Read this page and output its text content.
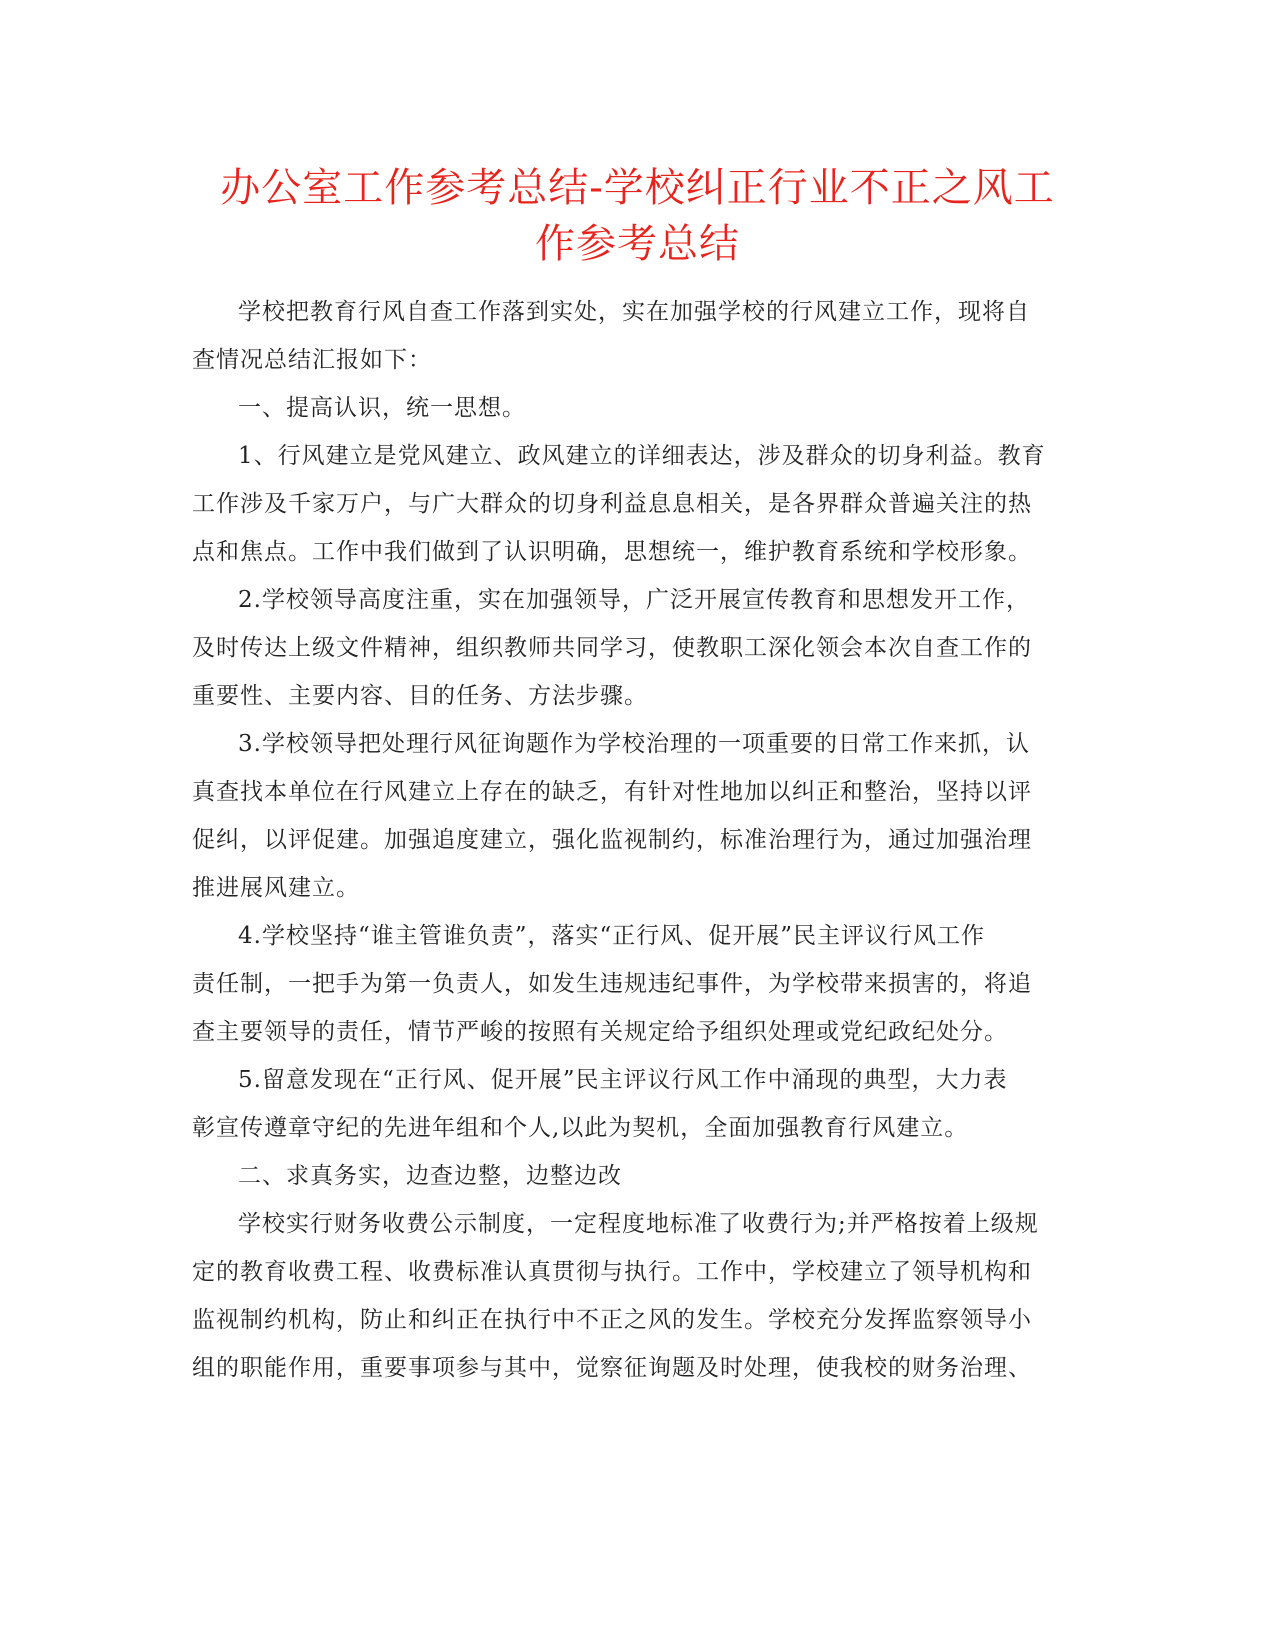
办公室工作参考总结-学校纠正行业不正之风工
作参考总结

学校把教育行风自查工作落到实处，实在加强学校的行风建立工作，现将自
查情况总结汇报如下：

一、提高认识，统一思想。

1、行风建立是党风建立、政风建立的详细表达，涉及群众的切身利益。教育
工作涉及千家万户，与广大群众的切身利益息息相关，是各界群众普遍关注的热
点和焦点。工作中我们做到了认识明确，思想统一，维护教育系统和学校形象。

2.学校领导高度注重，实在加强领导，广泛开展宣传教育和思想发开工作，
及时传达上级文件精神，组织教师共同学习，使教职工深化领会本次自查工作的
重要性、主要内容、目的任务、方法步骤。

3.学校领导把处理行风征询题作为学校治理的一项重要的日常工作来抓，认
真查找本单位在行风建立上存在的缺乏，有针对性地加以纠正和整治，坚持以评
促纠，以评促建。加强追度建立，强化监视制约，标准治理行为，通过加强治理
推进展风建立。

4.学校坚持“谁主管谁负责”，落实“正行风、促开展”民主评议行风工作
责任制，一把手为第一负责人，如发生违规违纪事件，为学校带来损害的，将追
查主要领导的责任，情节严峻的按照有关规定给予组织处理或党纪政纪处分。

5.留意发现在“正行风、促开展”民主评议行风工作中涌现的典型，大力表
彰宣传遵章守纪的先进年组和个人,以此为契机，全面加强教育行风建立。

二、求真务实，边查边整，边整边改

学校实行财务收费公示制度，一定程度地标准了收费行为;并严格按着上级规
定的教育收费工程、收费标准认真贯彻与执行。工作中，学校建立了领导机构和
监视制约机构，防止和纠正在执行中不正之风的发生。学校充分发挥监察领导小
组的职能作用，重要事项参与其中，觉察征询题及时处理，使我校的财务治理、
